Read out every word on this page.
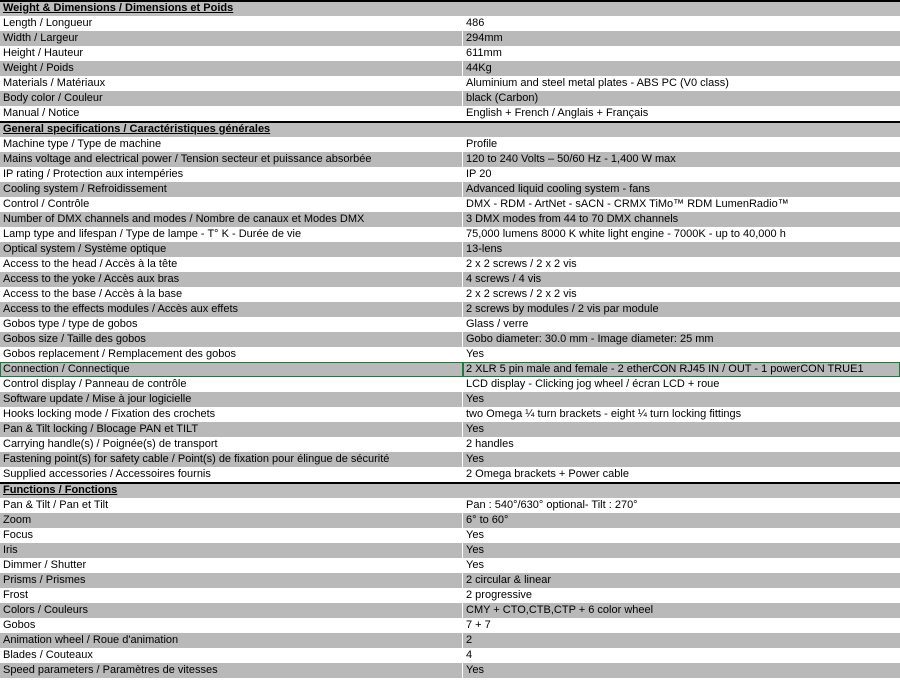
Weight & Dimensions / Dimensions et Poids
Length / Longueur	486
Width / Largeur	294mm
Height / Hauteur	611mm
Weight / Poids	44Kg
Materials / Matériaux	Aluminium and steel metal plates - ABS PC (V0 class)
Body color / Couleur	black (Carbon)
Manual / Notice	English + French / Anglais + Français
General specifications / Caractéristiques générales
Machine type / Type de machine	Profile
Mains voltage and electrical power / Tension secteur et puissance absorbée	120 to 240 Volts – 50/60 Hz - 1,400 W max
IP rating / Protection aux intempéries	IP 20
Cooling system / Refroidissement	Advanced liquid cooling system - fans
Control / Contrôle	DMX - RDM - ArtNet - sACN - CRMX TiMo™ RDM LumenRadio™
Number of DMX channels and modes / Nombre de canaux et Modes DMX	3 DMX modes from 44 to 70 DMX channels
Lamp type and lifespan / Type de lampe - T° K - Durée de vie	75,000 lumens 8000 K white light engine - 7000K - up to 40,000 h
Optical system / Système optique	13-lens
Access to the head / Accès à la tête	2 x 2 screws / 2 x 2 vis
Access to the yoke / Accès aux bras	4 screws / 4 vis
Access to the base / Accès à la base	2 x 2 screws / 2 x 2 vis
Access to the effects modules / Accès aux effets	2 screws by modules / 2 vis par module
Gobos type / type de gobos	Glass / verre
Gobos size / Taille des gobos	Gobo diameter: 30.0 mm - Image diameter: 25 mm
Gobos replacement / Remplacement des gobos	Yes
Connection / Connectique	2 XLR 5 pin male and female - 2 etherCON RJ45 IN / OUT - 1 powerCON TRUE1
Control display / Panneau de contrôle	LCD display - Clicking jog wheel / écran LCD + roue
Software update / Mise à jour logicielle	Yes
Hooks locking mode / Fixation des crochets	two Omega ¼ turn brackets - eight ¼ turn locking fittings
Pan & Tilt locking / Blocage PAN et TILT	Yes
Carrying handle(s) / Poignée(s) de transport	2 handles
Fastening point(s) for safety cable / Point(s) de fixation pour élingue de sécurité	Yes
Supplied accessories / Accessoires fournis	2 Omega brackets + Power cable
Functions / Fonctions
Pan & Tilt / Pan et Tilt	Pan : 540°/630° optional- Tilt : 270°
Zoom	6° to 60°
Focus	Yes
Iris	Yes
Dimmer / Shutter	Yes
Prisms / Prismes	2 circular & linear
Frost	2 progressive
Colors / Couleurs	CMY + CTO,CTB,CTP + 6 color wheel
Gobos	7 + 7
Animation wheel / Roue d'animation	2
Blades / Couteaux	4
Speed parameters / Paramètres de vitesses	Yes
